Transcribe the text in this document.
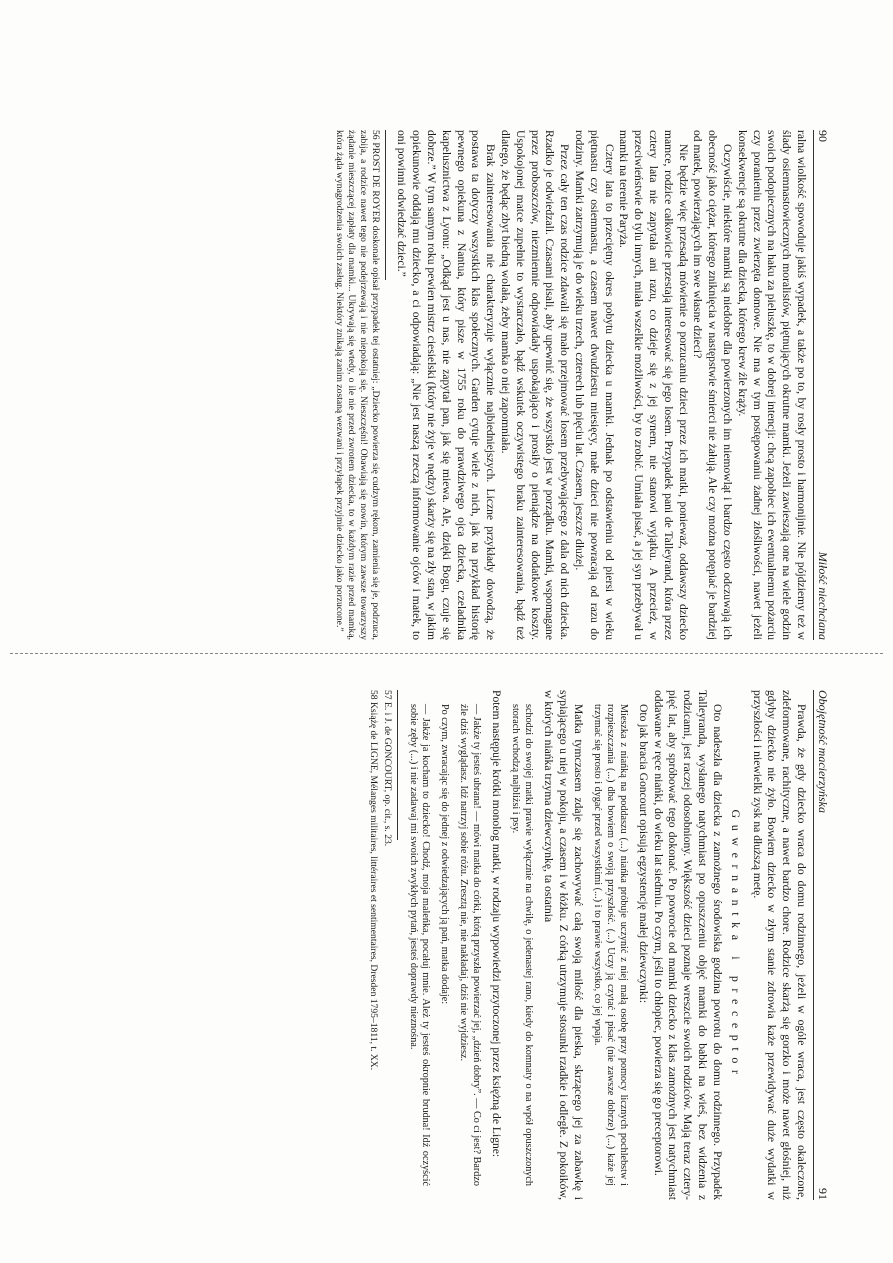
90
Miłość niechciana

ralna wiolkość spowoduje jakiś wypadek, a także po to, by rosły prosto i harmonijnie. Nie pójdziemy też w ślady osiemnastowiecznych moralistów, piętnujących okrutne mamki. Jeżeli zawieszają one na wiele godzin swoich podopiecznych na haku za pieluszkę, to w dobrej intencji: chcą zapobiec ich ewentualnemu pożarciu czy poranieniu przez zwierzęta domowe. Nie ma w tym postępowaniu żadnej złośliwości, nawet jeżeli konsekwencje są okrutne dla dziecka, którego krew źle krąży.

Oczywiście, niektóre mamki są niedobre dla powierzonych im niemowląt i bardzo często odczuwają ich obecność jako ciężar, którego zniknięcia w następstwie śmierci nie żałują. Ale czy można potępiać je bardziej od matek, powierzających im swe własne dzieci?

Nie będzie więc przesadą mówienie o porzucaniu dzieci przez ich matki, ponieważ, oddawszy dziecko mamce, rodzice całkowicie przestają interesować się jego losem. Przypadek pani de Talleyrand, która przez cztery lata nie zapytała ani razu, co dzieje się z jej synem, nie stanowi wyjątku. A przecież, w przeciwieństwie do tylu innych, miała wszelkie możliwości, by to zrobić. Umiała pisać, a jej syn przebywał u mamki na terenie Paryża.

Cztery lata to przeciętny okres pobytu dziecka u mamki. Jednak po odstawieniu od piersi w wieku piętnastu czy osiemnastu, a czasem nawet dwudziestu miesięcy, małe dzieci nie powracają od razu do rodziny. Mamki zatrzymują je do wieku trzech, czterech lub pięciu lat. Czasem, jeszcze dłużej.

Przez cały ten czas rodzice zdawali się mało przejmować losem przebywającego z dala od nich dziecka. Rzadko je odwiedzali. Czasami pisali, aby upewnić się, że wszystko jest w porządku. Mamki, wspomagane przez proboszczów, niezmiennie odpowiadały uspokajająco i prosiły o pieniądze na dodatkowe koszty. Uspokojonej matce zupełnie to wystarczało, bądź wskutek oczywistego braku zainteresowania, bądź też dlatego, że będąc zbyt biedną wolała, żeby mamka o niej zapomniała.

Brak zainteresowania nie charakteryzuje wyłącznie najbiedniejszych. Liczne przykłady dowodzą, że postawa ta dotyczy wszystkich klas społecznych. Garden cytuje wiele z nich, jak na przykład historię pewnego opiekuna z Nantua, który pisze w 1755 roku do prawdziwego ojca dziecka, czeladnika kapelusznictwa z Lyonu: „Odkąd jest u nas, nie zapytał pan, jak się miewa. Ale, dzięki Bogu, czuje się dobrze.” W tym samym roku pewien mistrz ciesielski (który nie żyje w nędzy) skarży się na zły stan, w jakim opiekunowie oddają mu dziecko, a ci odpowiadają: „Nie jest naszą rzeczą informowanie ojców i matek, to oni powinni odwiedzać dzieci.”

56 PROST DE ROYER doskonale opisał przypadek tej ostatniej: „Dziecko powierza się cudzym rękom, zamienia się je, podrzuca, zabija, a rodzice nawet tego nie podejrzewają i nie niepokoją się. Nieszczęśni! Obawiają się nowin, którym zawsze towarzyszy żądanie mieszczącej zapłaty dla mamki... Ukrywają się wtedy, o ile nie przed zwrotem dziecka, to w każdym razie przed mamką, która żąda wynagrodzenia swoich zasług. Niektóry znikają zanim zostaną wezwani i przyłapek przyjmie dziecko jako porzucone.”

Obojętność macierzyńska
91

Prawda, że gdy dziecko wraca do domu rodzinnego, jeżeli w ogóle wraca, jest często okaleczone, zdeformowane, rachityczne, a nawet bardzo chore. Rodzice skarżą się gorzko i może nawet głośniej, niż gdyby dziecko nie żyło. Bowiem dziecko w złym stanie zdrowia każe przewidywać duże wydatki w przyszłości i niewielki zysk na dłuższą metę.

Guwernantka i preceptor

Oto nadeszła dla dziecka z zamożnego środowiska godzina powrotu do domu rodzinnego. Przypadek Talleyranda, wysłanego natychmiast po opuszczeniu objęć mamki do babki na wieś, bez widzenia z rodzicami, jest raczej odosobniony. Większość dzieci poznaje wreszcie swoich rodziców. Mają teraz cztery-pięć lat, aby spróbować tego dokonać. Po powrocie od mamki dziecko z klas zamożnych jest natychmiast oddawane w ręce niańki, do wieku lat siedmiu. Po czym, jeśli to chłopiec, powierza się go preceptorowi.

Oto jak bracia Goncourt opisują egzystencję małej dziewczynki:

Mieszka z niańką na poddaszu (...) niańka próbuje uczynić z niej małą osobę przy pomocy licznych pochlebstw i rozpieszczania (...) dba bowiem o swoją przyszłość. (...) Uczy ją czytać i pisać (nie zawsze dobrze) (...) każe jej trzymać się prosto i dygać przed wszystkimi (...) i to prawie wszystko, co jej wpaja.

Matka tymczasem zdaje się zachowywać całą swoją miłość dla pieska, skrzącego jej za zabawkę i sypiającego u niej w pokoju, a czasem i w łóżku. Z córką utrzymuje stosunki rzadkie i odległe. Z pokoików, w których niańka trzyma dziewczynkę, ta ostatnia

schodzi do swojej matki prawie wyłącznie na chwilę, o jedenastej rano, kiedy do komnaty o na wpół opuszczonych storach wchodzą najbliżsi i psy.

Potem następuje krótki monolog matki, w rodzaju wypowiedzi przytoczonej przez księżną de Ligne:

— Jakże ty jesteś ubrana! — mówi matka do córki, którą przyszła powierzać jej, „dzień dobry”. — Co ci jest? Bardzo źle dziś wyglądasz. Idź natrzyj sobie różu. Zresztą nie, nie nakładaj, dziś nie wyjdziesz.

Po czym, zwracając się do jednej z odwiedzających ją pań, matka dodaje:

— Jakże ja kocham to dziecko! Chodź, moja maleńka, pocałuj mnie. Ależ ty jesteś okropnie brudna! Idź oczyścić sobie zęby (...) i nie zadawaj mi swoich zwykłych pytań, jesteś doprawdy nieznośna.

57 E. i J. de GONCOURT, op. cit., s. 23.

58 Książę de LIGNE, Mélanges militaires, littéraires et sentimentaires, Dresden 1795–1811, t. XX.
